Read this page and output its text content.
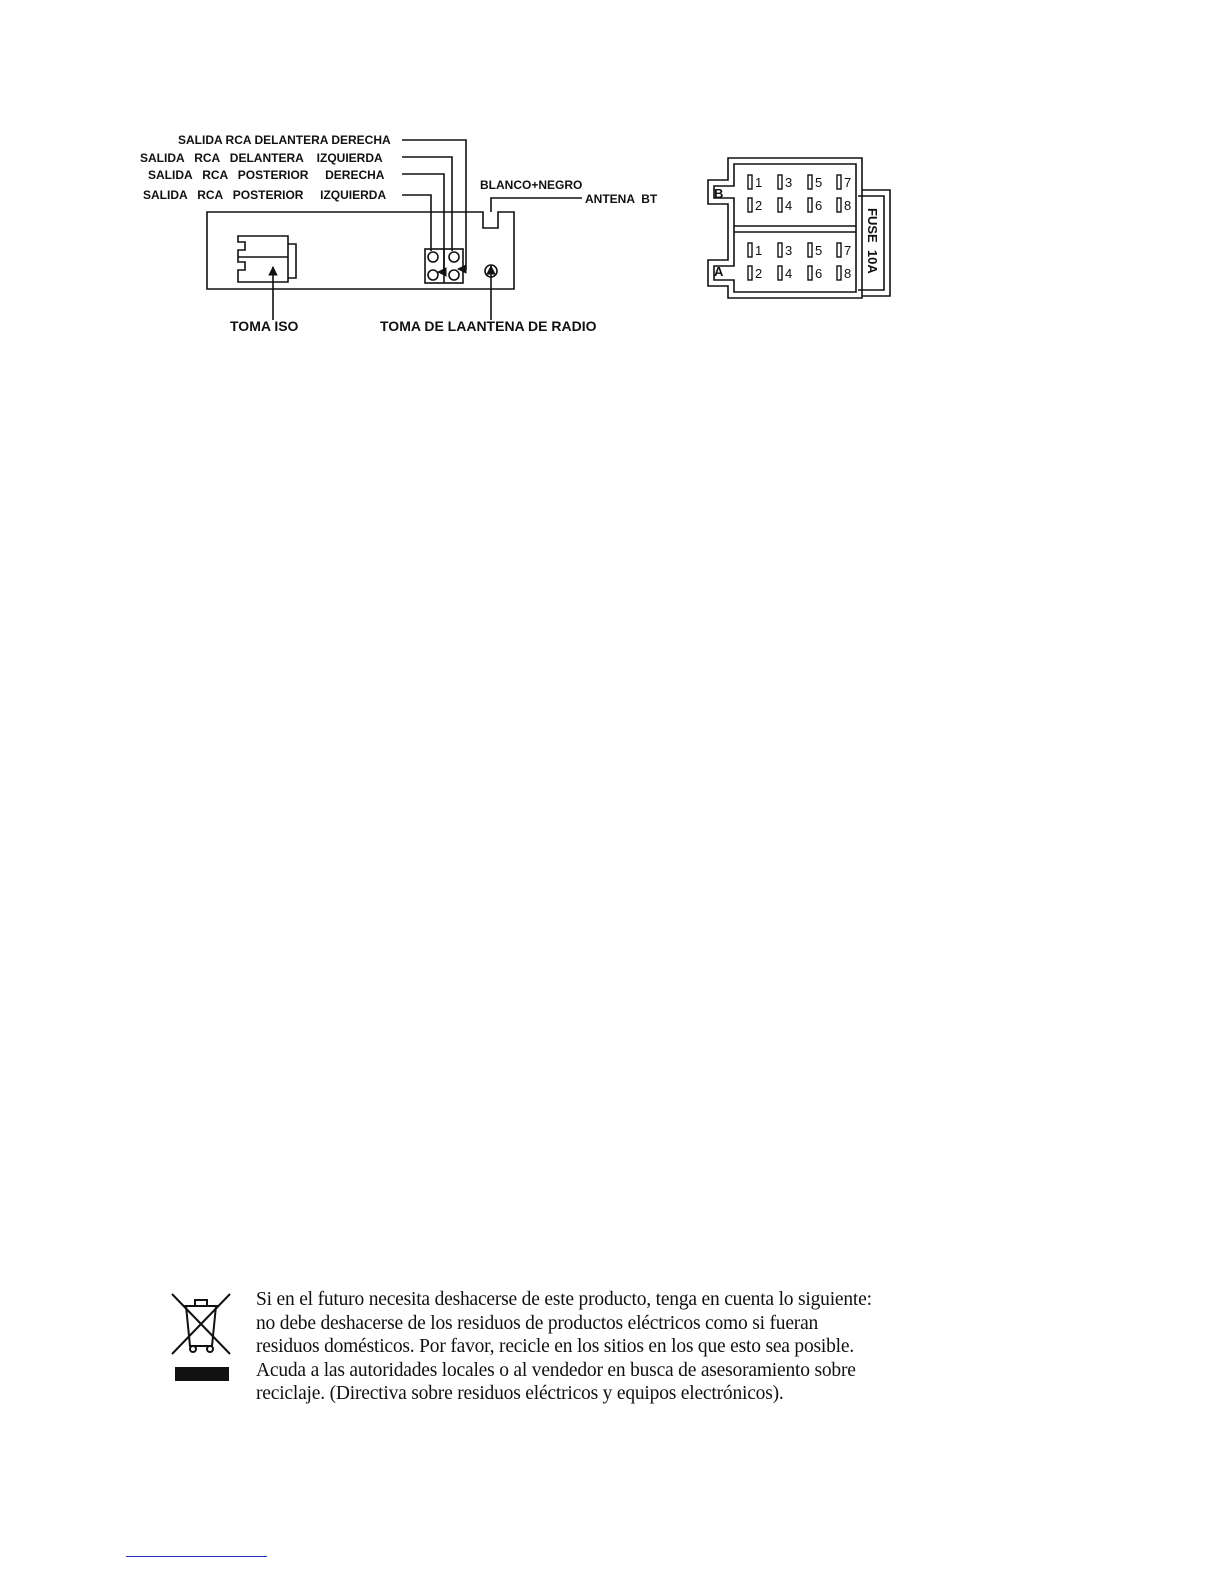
SALIDA RCA DELANTERA DERECHA
SALIDA   RCA   DELANTERA    IZQUIERDA
SALIDA   RCA   POSTERIOR     DERECHA
SALIDA   RCA   POSTERIOR     IZQUIERDA
BLANCO+NEGRO
ANTENA  BT
TOMA ISO	TOMA DE LAANTENA DE RADIO
1 3 5 7
2 4 6 8
1 3 5 7
2 4 6 8
B
A	FUSE  10A
Si en el futuro necesita deshacerse de este producto, tenga en cuenta lo siguiente:
no debe deshacerse de los residuos de productos eléctricos como si fueran
residuos domésticos. Por favor, recicle en los sitios en los que esto sea posible.
Acuda a las autoridades locales o al vendedor en busca de asesoramiento sobre
reciclaje. (Directiva sobre residuos eléctricos y equipos electrónicos).
